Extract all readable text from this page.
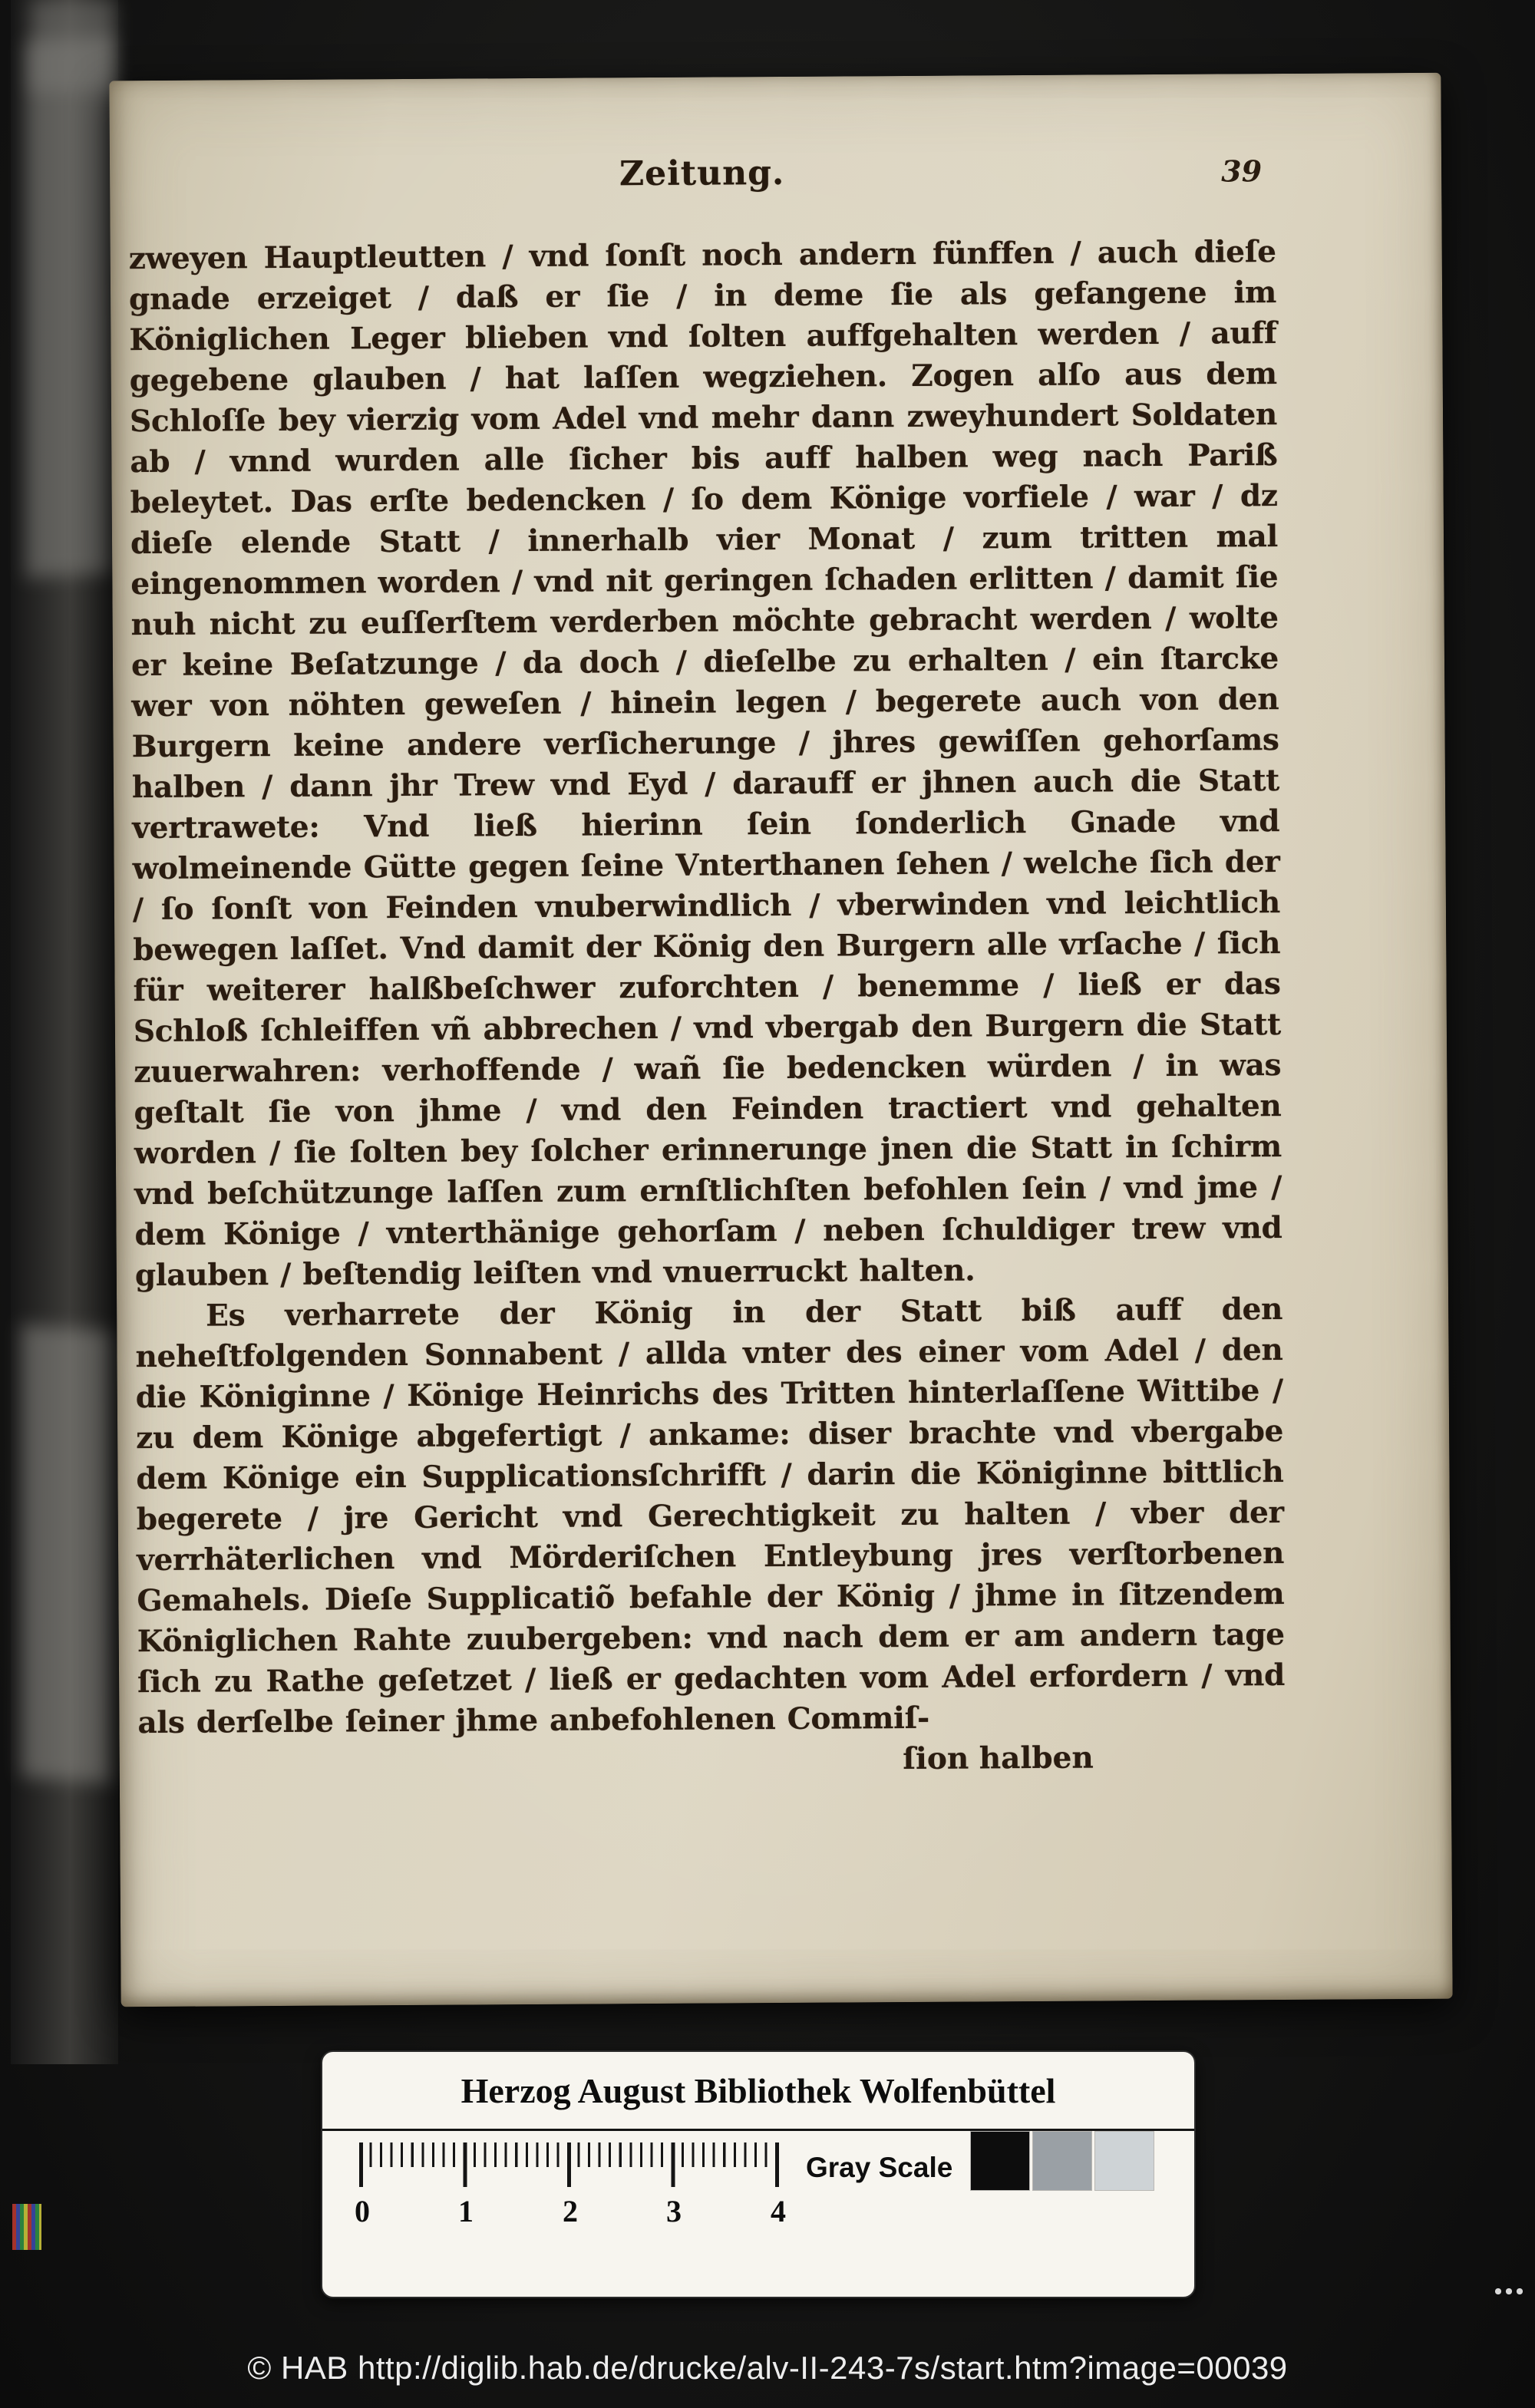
Zeitung.	39

zweyen Hauptleutten / vnd ſonſt noch andern fünffen / auch dieſe gnade erzeiget / daß er ſie / in deme ſie als gefangene im Königlichen Leger blieben vnd ſolten auffgehalten werden / auff gegebene glauben / hat laſſen wegziehen. Zogen alſo aus dem Schloſſe bey vierzig vom Adel vnd mehr dann zweyhundert Soldaten ab / vnnd wurden alle ſicher bis auff halben weg nach Pariß beleytet. Das erſte bedencken / ſo dem Könige vorfiele / war / dz dieſe elende Statt / innerhalb vier Monat / zum tritten mal eingenommen worden / vnd nit geringen ſchaden erlitten / damit ſie nuh nicht zu euſſerſtem verderben möchte gebracht werden / wolte er keine Beſatzunge / da doch / dieſelbe zu erhalten / ein ſtarcke wer von nöhten geweſen / hinein legen / begerete auch von den Burgern keine andere verſicherunge / jhres gewiſſen gehorſams halben / dann jhr Trew vnd Eyd / darauff er jhnen auch die Statt vertrawete: Vnd ließ hierinn ſein ſonderlich Gnade vnd wolmeinende Gütte gegen ſeine Vnterthanen ſehen / welche ſich der / ſo ſonſt von Feinden vnuberwindlich / vberwinden vnd leichtlich bewegen laſſet. Vnd damit der König den Burgern alle vrſache / ſich für weiterer halßbeſchwer zuforchten / benemme / ließ er das Schloß ſchleiffen vñ abbrechen / vnd vbergab den Burgern die Statt zuuerwahren: verhoffende / wañ ſie bedencken würden / in was geſtalt ſie von jhme / vnd den Feinden tractiert vnd gehalten worden / ſie ſolten bey ſolcher erinnerunge jnen die Statt in ſchirm vnd beſchützunge laſſen zum ernſtlichſten befohlen ſein / vnd jme / dem Könige / vnterthänige gehorſam / neben ſchuldiger trew vnd glauben / beſtendig leiſten vnd vnuerruckt halten.

Es verharrete der König in der Statt biß auff den neheſtfolgenden Sonnabent / allda vnter des einer vom Adel / den die Königinne / Könige Heinrichs des Tritten hinterlaſſene Wittibe / zu dem Könige abgefertigt / ankame: diser brachte vnd vbergabe dem Könige ein Supplicationsſchrifft / darin die Königinne bittlich begerete / jre Gericht vnd Gerechtigkeit zu halten / vber der verrhäterlichen vnd Mörderiſchen Entleybung jres verſtorbenen Gemahels. Dieſe Supplicatiõ befahle der König / jhme in ſitzendem Königlichen Rahte zuubergeben: vnd nach dem er am andern tage ſich zu Rathe geſetzet / ließ er gedachten vom Adel erfordern / vnd als derſelbe ſeiner jhme anbefohlenen Commiſ-

ſion halben
Herzog August Bibliothek Wolfenbüttel
0	1	2	3	4
Gray Scale
© HAB http://diglib.hab.de/drucke/alv-II-243-7s/start.htm?image=00039
